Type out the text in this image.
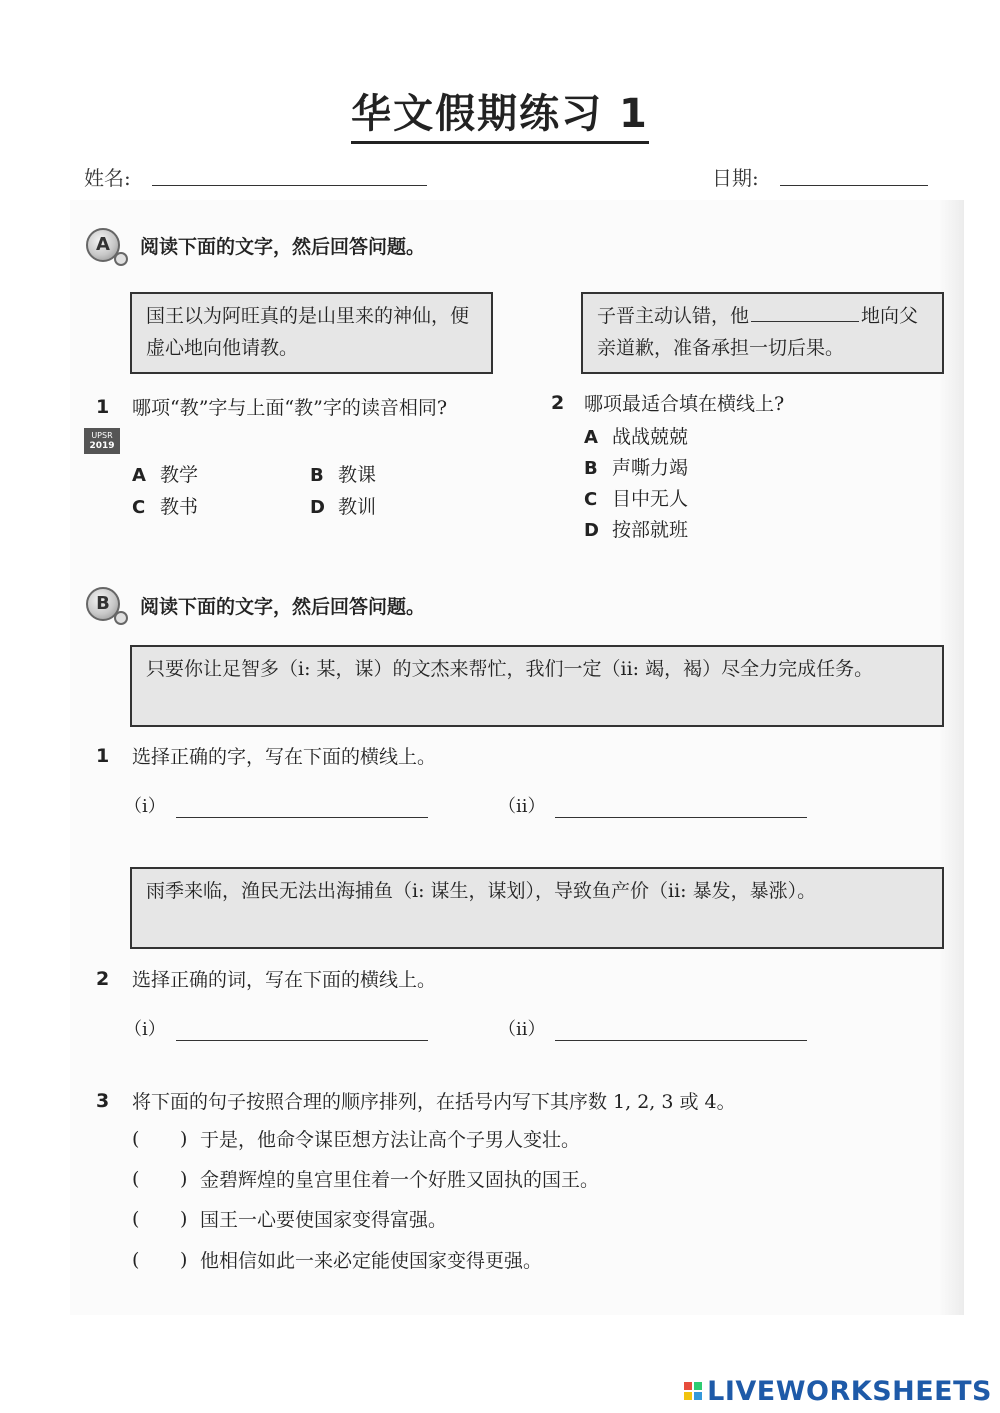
华文假期练习 1
姓名:	日期:
A	阅读下面的文字，然后回答问题。
国王以为阿旺真的是山里来的神仙，便虚心地向他请教。
子晋主动认错，他	地向父亲道歉，准备承担一切后果。
1
UPSR
2019
哪项“教”字与上面“教”字的读音相同?
A 教学	B 教课
C 教书	D 教训
2 哪项最适合填在横线上?
A 战战兢兢
B 声嘶力竭
C 目中无人
D 按部就班
B	阅读下面的文字，然后回答问题。
只要你让足智多（i: 某，谋）的文杰来帮忙，我们一定（ii: 竭，褐）尽全力完成任务。
1 选择正确的字，写在下面的横线上。
（i）	（ii）
雨季来临，渔民无法出海捕鱼（i: 谋生，谋划），导致鱼产价（ii: 暴发，暴涨）。
2 选择正确的词，写在下面的横线上。
（i）	（ii）
3 将下面的句子按照合理的顺序排列，在括号内写下其序数 1, 2, 3 或 4。
( ) 于是，他命令谋臣想方法让高个子男人变壮。
( ) 金碧辉煌的皇宫里住着一个好胜又固执的国王。
( ) 国王一心要使国家变得富强。
( ) 他相信如此一来必定能使国家变得更强。
LIVEWORKSHEETS
